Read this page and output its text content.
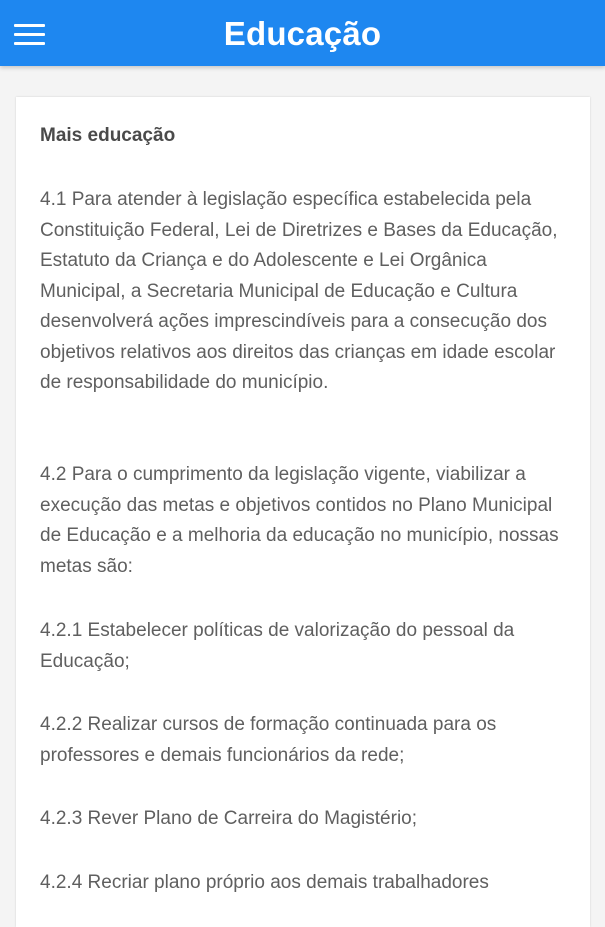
Educação
Mais educação

4.1 Para atender à legislação específica estabelecida pela Constituição Federal, Lei de Diretrizes e Bases da Educação, Estatuto da Criança e do Adolescente e Lei Orgânica Municipal, a Secretaria Municipal de Educação e Cultura desenvolverá ações imprescindíveis para a consecução dos objetivos relativos aos direitos das crianças em idade escolar de responsabilidade do município.

4.2 Para o cumprimento da legislação vigente, viabilizar a execução das metas e objetivos contidos no Plano Municipal de Educação e a melhoria da educação no município, nossas metas são:

4.2.1 Estabelecer políticas de valorização do pessoal da Educação;

4.2.2 Realizar cursos de formação continuada para os professores e demais funcionários da rede;

4.2.3 Rever Plano de Carreira do Magistério;

4.2.4 Recriar plano próprio aos demais trabalhadores
